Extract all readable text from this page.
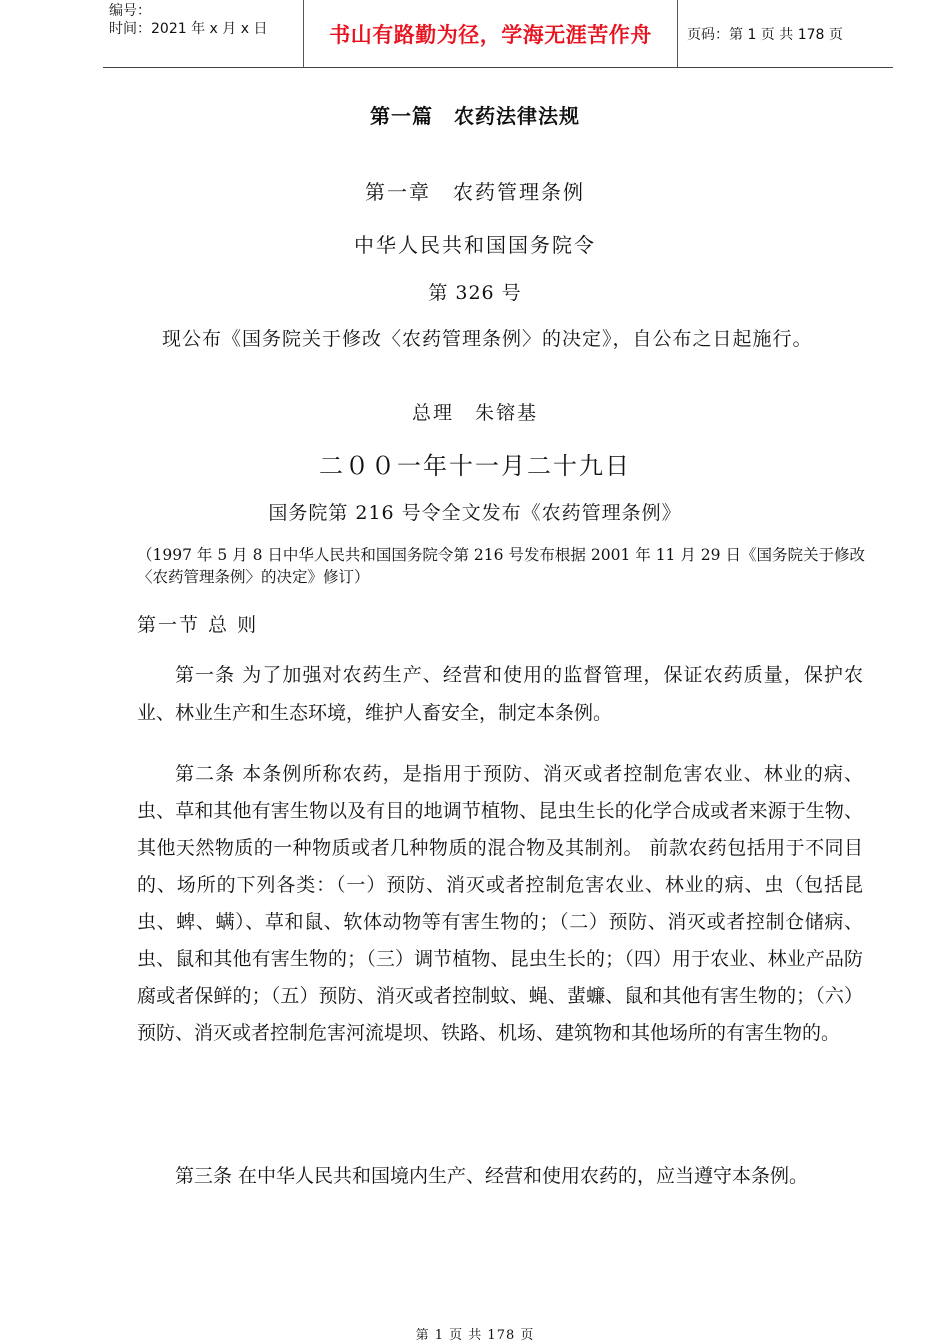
编号：
时间：2021 年 x 月 x 日	书山有路勤为径，学海无涯苦作舟	页码：第 1 页 共 178 页
第一篇　农药法律法规
第一章　农药管理条例
中华人民共和国国务院令
第 326 号
现公布《国务院关于修改〈农药管理条例〉的决定》，自公布之日起施行。
总理　朱镕基
二００一年十一月二十九日
国务院第 216 号令全文发布《农药管理条例》
（1997 年 5 月 8 日中华人民共和国国务院令第 216 号发布根据 2001 年 11 月 29 日《国务院关于修改〈农药管理条例〉的决定》修订）
第一节 总 则
第一条 为了加强对农药生产、经营和使用的监督管理，保证农药质量，保护农业、林业生产和生态环境，维护人畜安全，制定本条例。
第二条 本条例所称农药，是指用于预防、消灭或者控制危害农业、林业的病、虫、草和其他有害生物以及有目的地调节植物、昆虫生长的化学合成或者来源于生物、其他天然物质的一种物质或者几种物质的混合物及其制剂。 前款农药包括用于不同目的、场所的下列各类：（一）预防、消灭或者控制危害农业、林业的病、虫（包括昆虫、蜱、螨）、草和鼠、软体动物等有害生物的；（二）预防、消灭或者控制仓储病、虫、鼠和其他有害生物的；（三）调节植物、昆虫生长的；（四）用于农业、林业产品防腐或者保鲜的；（五）预防、消灭或者控制蚊、蝇、蜚蠊、鼠和其他有害生物的；（六）预防、消灭或者控制危害河流堤坝、铁路、机场、建筑物和其他场所的有害生物的。
第三条 在中华人民共和国境内生产、经营和使用农药的，应当遵守本条例。
第 1 页 共 178 页
